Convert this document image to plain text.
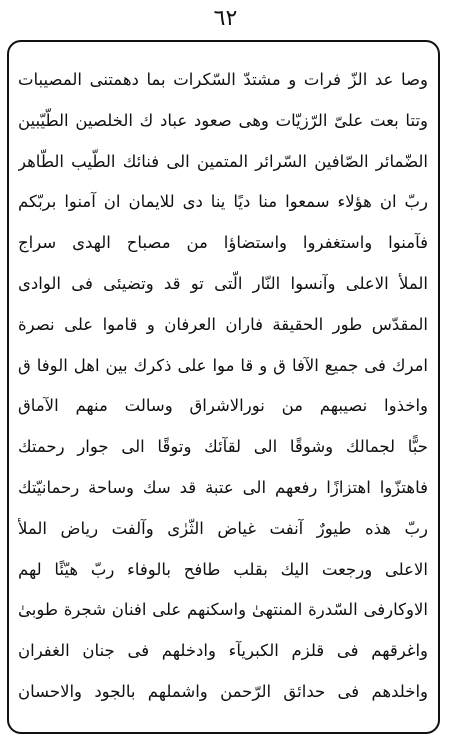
٦٢
وصا عد الزّ فرات و مشتدّ السّكرات بما دهمتنى المصيبات
وتتا بعت علىّ الرّزيّات وهى صعود عباد ك الخلصين الطّيّبين
الضّمائر الصّافين السّرائر المتمين الى فنائك الطّيب الطّاهر
ربّ ان هؤلاء سمعوا منا ديًا ينا دى للايمان ان آمنوا بربّكم
فآمنوا واستغفروا واستضاؤا من مصباح الهدى سراج
الملأ الاعلى وآنسوا النّار الّتى تو قد وتضيئى فى الوادى
المقدّس طور الحقيقة فاران العرفان و قاموا على نصرة
امرك فى جميع الآفا ق و قا موا على ذكرك بين اهل الوفا ق
واخذوا نصيبهم من نورالاشراق وسالت منهم الآماق
حبًّا لجمالك وشوقًا الى لقآئك وتوقًا الى جوار رحمتك
فاهتزّوا اهتزازًا رفعهم الى عتبة قد سك وساحة رحمانيّتك
ربّ هذه طيورٌ آنفت غياض الثّرٰى وآلفت رياض الملأ
الاعلى ورجعت اليك بقلب طافح بالوفاء ربّ هيّئًا لهم
الاوكارفى السّدرة المنتهىٰ واسكنهم على افنان شجرة طوبىٰ
واغرقهم فى قلزم الكبريآء وادخلهم فى جنان الغفران
واخلدهم فى حدائق الرّحمن واشملهم بالجود والاحسان
